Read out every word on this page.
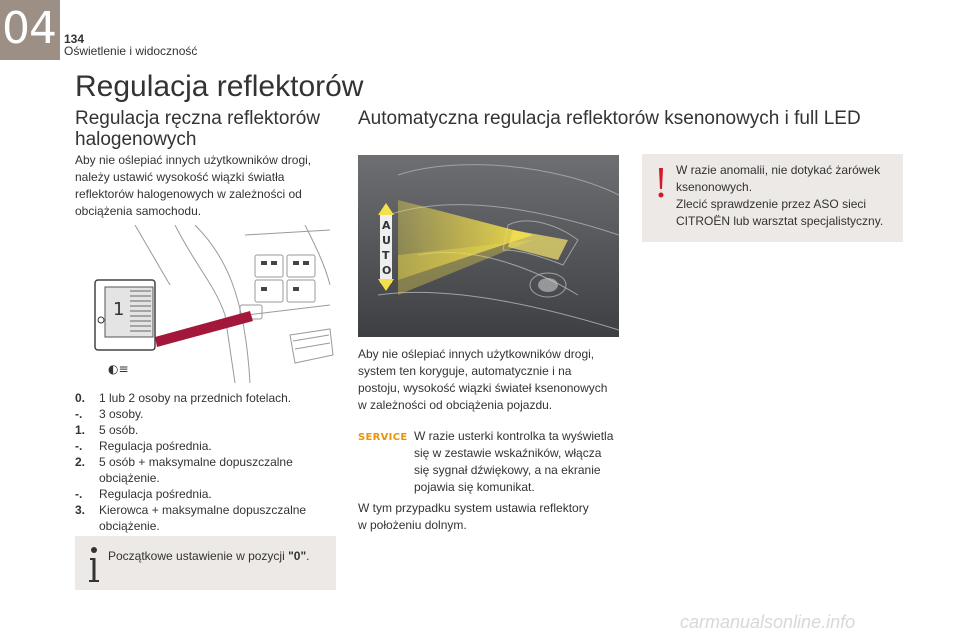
04 134
Oświetlenie i widoczność
Regulacja reflektorów
Regulacja ręczna reflektorów
halogenowych
Aby nie oślepiać innych użytkowników drogi,
należy ustawić wysokość wiązki światła
reflektorów halogenowych w zależności od
obciążenia samochodu.
1
◐≡
0.	1 lub 2 osoby na przednich fotelach.
-.	3 osoby.
1.	5 osób.
-.	Regulacja pośrednia.
2.	5 osób + maksymalne dopuszczalne
obciążenie.
-.	Regulacja pośrednia.
3.	Kierowca + maksymalne dopuszczalne
obciążenie.
Początkowe ustawienie w pozycji "0".
Automatyczna regulacja reflektorów ksenonowych i full LED
A
U
T
O
Aby nie oślepiać innych użytkowników drogi,
system ten koryguje, automatycznie i na
postoju, wysokość wiązki świateł ksenonowych
w zależności od obciążenia pojazdu.
SERVICE W razie usterki kontrolka ta wyświetla
się w zestawie wskaźników, włącza
się sygnał dźwiękowy, a na ekranie
pojawia się komunikat.
W tym przypadku system ustawia reflektory
w położeniu dolnym.
W razie anomalii, nie dotykać żarówek
ksenonowych.
Zlecić sprawdzenie przez ASO sieci
CITROËN lub warsztat specjalistyczny.
carmanualsonline.info
